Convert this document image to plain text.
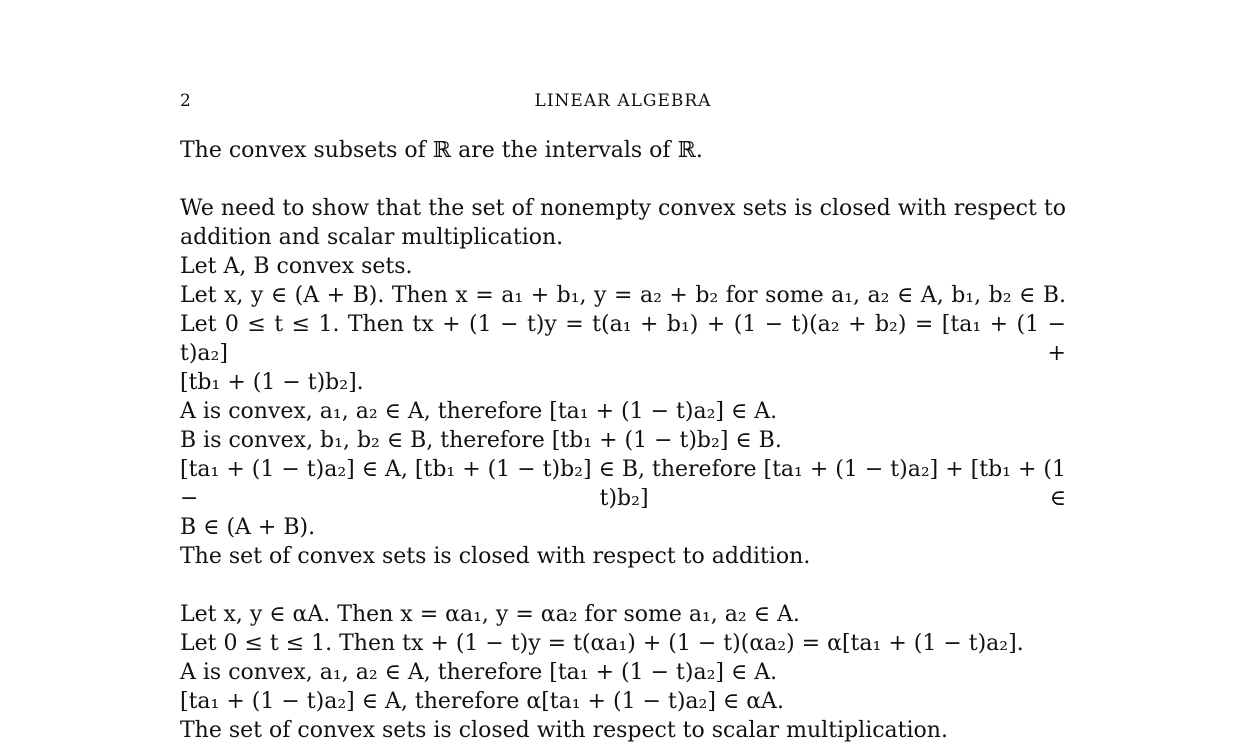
2	LINEAR ALGEBRA

The convex subsets of ℝ are the intervals of ℝ.

We need to show that the set of nonempty convex sets is closed with respect to

addition and scalar multiplication.

Let A, B convex sets.

Let x, y ∈ (A + B). Then x = a₁ + b₁, y = a₂ + b₂ for some a₁, a₂ ∈ A, b₁, b₂ ∈ B.

Let 0 ≤ t ≤ 1. Then tx + (1 − t)y = t(a₁ + b₁) + (1 − t)(a₂ + b₂) = [ta₁ + (1 − t)a₂] +

[tb₁ + (1 − t)b₂].

A is convex, a₁, a₂ ∈ A, therefore [ta₁ + (1 − t)a₂] ∈ A.

B is convex, b₁, b₂ ∈ B, therefore [tb₁ + (1 − t)b₂] ∈ B.

[ta₁ + (1 − t)a₂] ∈ A, [tb₁ + (1 − t)b₂] ∈ B, therefore [ta₁ + (1 − t)a₂] + [tb₁ + (1 − t)b₂] ∈

B ∈ (A + B).

The set of convex sets is closed with respect to addition.

Let x, y ∈ αA. Then x = αa₁, y = αa₂ for some a₁, a₂ ∈ A.

Let 0 ≤ t ≤ 1. Then tx + (1 − t)y = t(αa₁) + (1 − t)(αa₂) = α[ta₁ + (1 − t)a₂].

A is convex, a₁, a₂ ∈ A, therefore [ta₁ + (1 − t)a₂] ∈ A.

[ta₁ + (1 − t)a₂] ∈ A, therefore α[ta₁ + (1 − t)a₂] ∈ αA.

The set of convex sets is closed with respect to scalar multiplication.
